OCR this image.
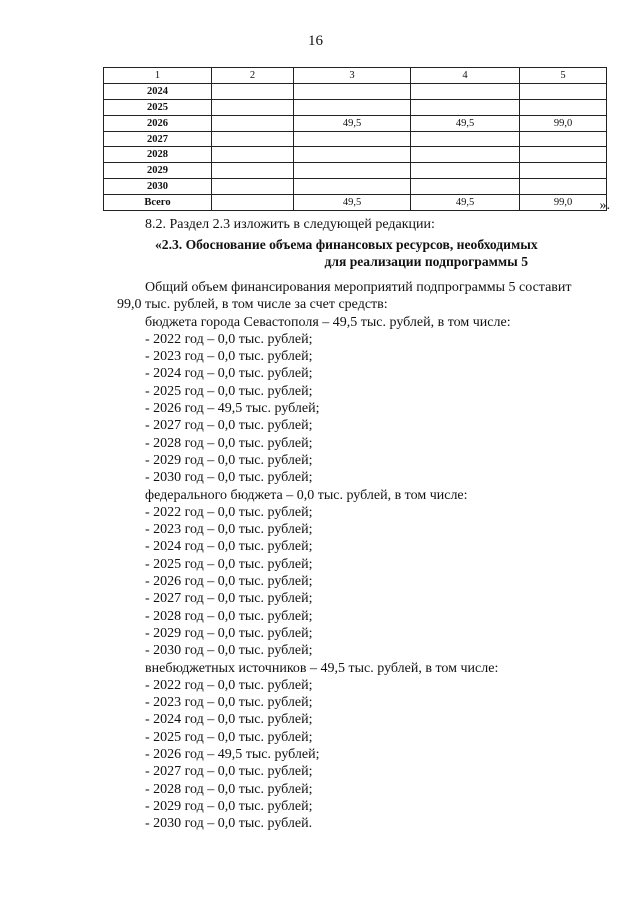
16
1	2	3	4	5
2024				
2025				
2026		49,5	49,5	99,0
2027				
2028				
2029				
2030				
Всего		49,5	49,5	99,0 ».
8.2. Раздел 2.3 изложить в следующей редакции:
«2.3. Обоснование объема финансовых ресурсов, необходимых
для реализации подпрограммы 5
Общий объем финансирования мероприятий подпрограммы 5 составит
99,0 тыс. рублей, в том числе за счет средств:
бюджета города Севастополя – 49,5 тыс. рублей, в том числе:
- 2022 год – 0,0 тыс. рублей;
- 2023 год – 0,0 тыс. рублей;
- 2024 год – 0,0 тыс. рублей;
- 2025 год – 0,0 тыс. рублей;
- 2026 год – 49,5 тыс. рублей;
- 2027 год – 0,0 тыс. рублей;
- 2028 год – 0,0 тыс. рублей;
- 2029 год – 0,0 тыс. рублей;
- 2030 год – 0,0 тыс. рублей;
федерального бюджета – 0,0 тыс. рублей, в том числе:
- 2022 год – 0,0 тыс. рублей;
- 2023 год – 0,0 тыс. рублей;
- 2024 год – 0,0 тыс. рублей;
- 2025 год – 0,0 тыс. рублей;
- 2026 год – 0,0 тыс. рублей;
- 2027 год – 0,0 тыс. рублей;
- 2028 год – 0,0 тыс. рублей;
- 2029 год – 0,0 тыс. рублей;
- 2030 год – 0,0 тыс. рублей;
внебюджетных источников – 49,5 тыс. рублей, в том числе:
- 2022 год – 0,0 тыс. рублей;
- 2023 год – 0,0 тыс. рублей;
- 2024 год – 0,0 тыс. рублей;
- 2025 год – 0,0 тыс. рублей;
- 2026 год – 49,5 тыс. рублей;
- 2027 год – 0,0 тыс. рублей;
- 2028 год – 0,0 тыс. рублей;
- 2029 год – 0,0 тыс. рублей;
- 2030 год – 0,0 тыс. рублей.
